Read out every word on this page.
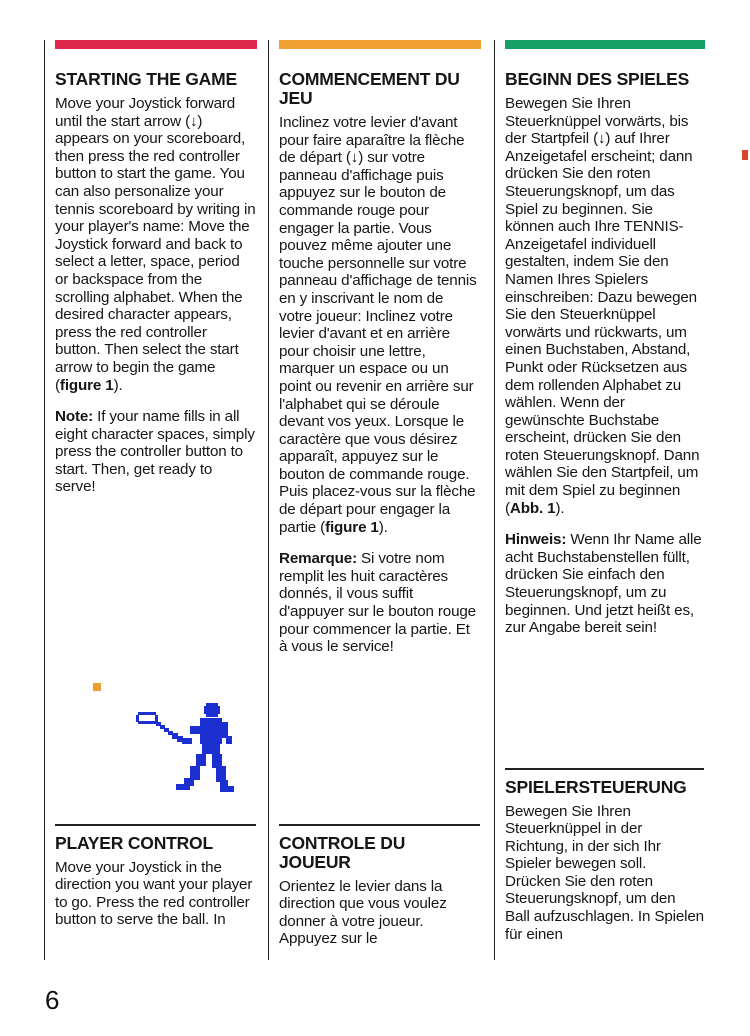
STARTING THE GAME

Move your Joystick forward until the start arrow (↓) appears on your scoreboard, then press the red controller button to start the game. You can also personalize your tennis scoreboard by writing in your player's name: Move the Joystick forward and back to select a letter, space, period or backspace from the scrolling alphabet. When the desired character appears, press the red controller button. Then select the start arrow to begin the game (figure 1).

Note: If your name fills in all eight character spaces, simply press the controller button to start. Then, get ready to serve!

PLAYER CONTROL

Move your Joystick in the direction you want your player to go. Press the red controller button to serve the ball. In

COMMENCEMENT DU JEU

Inclinez votre levier d'avant pour faire aparaître la flèche de départ (↓) sur votre panneau d'affichage puis appuyez sur le bouton de commande rouge pour engager la partie. Vous pouvez même ajouter une touche personnelle sur votre panneau d'affichage de tennis en y inscrivant le nom de votre joueur: Inclinez votre levier d'avant et en arrière pour choisir une lettre, marquer un espace ou un point ou revenir en arrière sur l'alphabet qui se déroule devant vos yeux. Lorsque le caractère que vous désirez apparaît, appuyez sur le bouton de commande rouge. Puis placez-vous sur la flèche de départ pour engager la partie (figure 1).

Remarque: Si votre nom remplit les huit caractères donnés, il vous suffit d'appuyer sur le bouton rouge pour commencer la partie. Et à vous le service!

CONTROLE DU JOUEUR

Orientez le levier dans la direction que vous voulez donner à votre joueur. Appuyez sur le

BEGINN DES SPIELES

Bewegen Sie Ihren Steuerknüppel vorwärts, bis der Startpfeil (↓) auf Ihrer Anzeigetafel erscheint; dann drücken Sie den roten Steuerungsknopf, um das Spiel zu beginnen. Sie können auch Ihre TENNIS-Anzeigetafel individuell gestalten, indem Sie den Namen Ihres Spielers einschreiben: Dazu bewegen Sie den Steuerknüppel vorwärts und rückwarts, um einen Buchstaben, Abstand, Punkt oder Rücksetzen aus dem rollenden Alphabet zu wählen. Wenn der gewünschte Buchstabe erscheint, drücken Sie den roten Steuerungsknopf. Dann wählen Sie den Startpfeil, um mit dem Spiel zu beginnen (Abb. 1).

Hinweis: Wenn Ihr Name alle acht Buchstabenstellen füllt, drücken Sie einfach den Steuerungsknopf, um zu beginnen. Und jetzt heißt es, zur Angabe bereit sein!

SPIELERSTEUERUNG

Bewegen Sie Ihren Steuerknüppel in der Richtung, in der sich Ihr Spieler bewegen soll. Drücken Sie den roten Steuerungsknopf, um den Ball aufzuschlagen. In Spielen für einen

6
